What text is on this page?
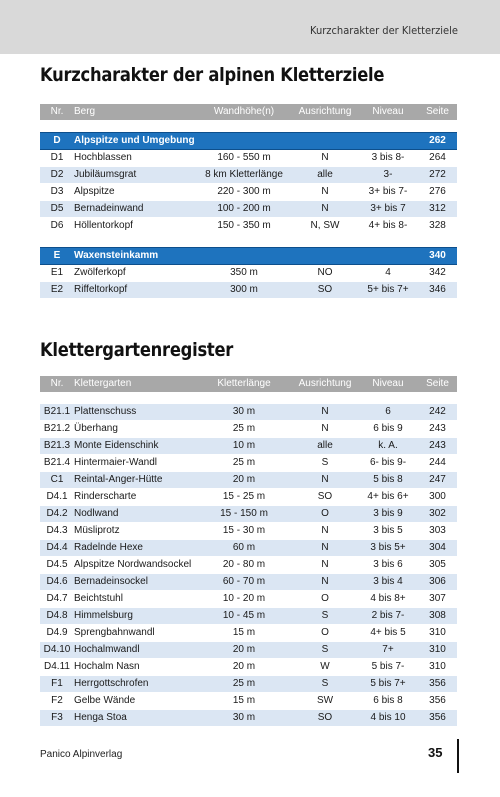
Kurzcharakter der Kletterziele
Kurzcharakter der alpinen Kletterziele
Nr.	Berg	Wandhöhe(n)	Ausrichtung	Niveau	Seite

D	Alpspitze und Umgebung				262
D1	Hochblassen	160 - 550 m	N	3 bis 8-	264
D2	Jubiläumsgrat	8 km Kletterlänge	alle	3-	272
D3	Alpspitze	220 - 300 m	N	3+ bis 7-	276
D5	Bernadeinwand	100 - 200 m	N	3+ bis 7	312
D6	Höllentorkopf	150 - 350 m	N, SW	4+ bis 8-	328

E	Waxensteinkamm				340
E1	Zwölferkopf	350 m	NO	4	342
E2	Riffeltorkopf	300 m	SO	5+ bis 7+	346
Klettergartenregister
Nr.	Klettergarten	Kletterlänge	Ausrichtung	Niveau	Seite

B21.1	Plattenschuss	30 m	N	6	242
B21.2	Überhang	25 m	N	6 bis 9	243
B21.3	Monte Eidenschink	10 m	alle	k. A.	243
B21.4	Hintermaier-Wandl	25 m	S	6- bis 9-	244
C1	Reintal-Anger-Hütte	20 m	N	5 bis 8	247
D4.1	Rinderscharte	15 - 25 m	SO	4+ bis 6+	300
D4.2	Nodlwand	15 - 150 m	O	3 bis 9	302
D4.3	Müsliprotz	15 - 30 m	N	3 bis 5	303
D4.4	Radelnde Hexe	60 m	N	3 bis 5+	304
D4.5	Alpspitze Nordwandsockel	20 - 80 m	N	3 bis 6	305
D4.6	Bernadeinsockel	60 - 70 m	N	3 bis 4	306
D4.7	Beichtstuhl	10 - 20 m	O	4 bis 8+	307
D4.8	Himmelsburg	10 - 45 m	S	2 bis 7-	308
D4.9	Sprengbahnwandl	15 m	O	4+ bis 5	310
D4.10	Hochalmwandl	20 m	S	7+	310
D4.11	Hochalm Nasn	20 m	W	5 bis 7-	310
F1	Herrgottschrofen	25 m	S	5 bis 7+	356
F2	Gelbe Wände	15 m	SW	6 bis 8	356
F3	Henga Stoa	30 m	SO	4 bis 10	356
Panico Alpinverlag	35
